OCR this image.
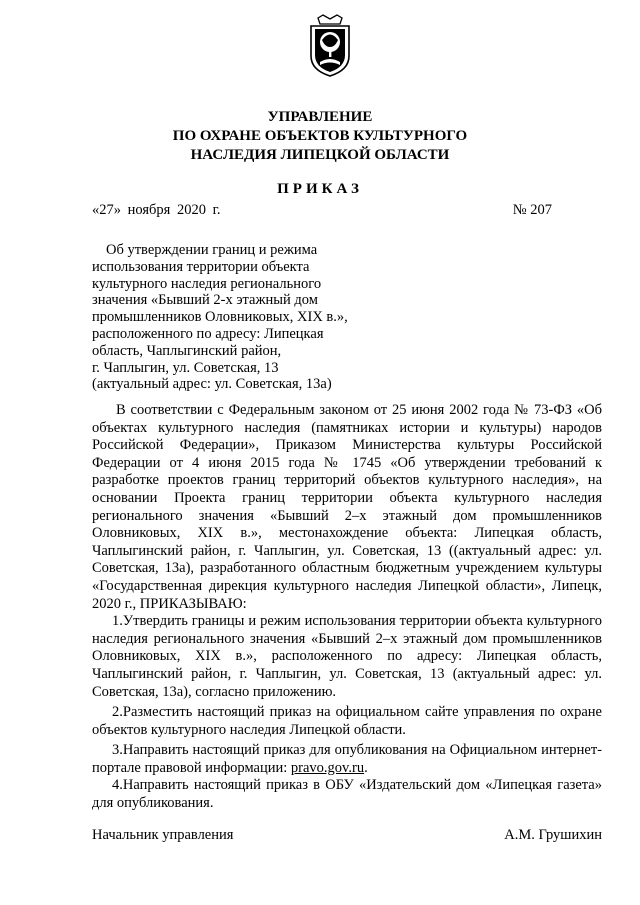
УПРАВЛЕНИЕ
ПО ОХРАНЕ ОБЪЕКТОВ КУЛЬТУРНОГО
НАСЛЕДИЯ ЛИПЕЦКОЙ ОБЛАСТИ
ПРИКАЗ
«27» ноября 2020 г.	№ 207

Об утверждении границ и режима

использования территории объекта

культурного наследия регионального

значения «Бывший 2-х этажный дом

промышленников Оловниковых, XIX в.»,

расположенного по адресу: Липецкая

область, Чаплыгинский район,

г. Чаплыгин, ул. Советская, 13

(актуальный адрес: ул. Советская, 13а)

В соответствии с Федеральным законом от 25 июня 2002 года № 73-ФЗ «Об объектах культурного наследия (памятниках истории и культуры) народов Российской Федерации», Приказом Министерства культуры Российской Федерации от 4 июня 2015 года № 1745 «Об утверждении требований к разработке проектов границ территорий объектов культурного наследия», на основании Проекта границ территории объекта культурного наследия регионального значения «Бывший 2–х этажный дом промышленников Оловниковых, XIX в.», местонахождение объекта: Липецкая область, Чаплыгинский район, г. Чаплыгин, ул. Советская, 13 ((актуальный адрес: ул. Советская, 13а), разработанного областным бюджетным учреждением культуры «Государственная дирекция культурного наследия Липецкой области», Липецк, 2020 г., ПРИКАЗЫВАЮ:

1.Утвердить границы и режим использования территории объекта культурного наследия регионального значения «Бывший 2–х этажный дом промышленников Оловниковых, XIX в.», расположенного по адресу: Липецкая область, Чаплыгинский район, г. Чаплыгин, ул. Советская, 13 (актуальный адрес: ул. Советская, 13а), согласно приложению.

2.Разместить настоящий приказ на официальном сайте управления по охране объектов культурного наследия Липецкой области.

3.Направить настоящий приказ для опубликования на Официальном интернет-портале правовой информации: pravo.gov.ru.

4.Направить настоящий приказ в ОБУ «Издательский дом «Липецкая газета» для опубликования.

Начальник управления	А.М. Грушихин
